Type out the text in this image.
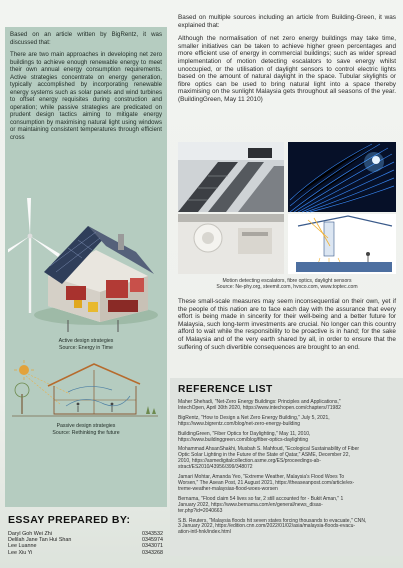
Based on an article written by BigRentz, it was discussed that:

There are two main approaches in developing net zero buildings to achieve enough renewable energy to meet their own annual energy consumption requirements. Active strategies concentrate on energy generation, typically accomplished by incorporating renewable energy systems such as solar panels and wind turbines to offset energy requisites during construction and operation; while passive strategies are predicated on prudent design tactics aiming to mitigate energy consumption by maximising natural light using windows or maintaining consistent temperatures through efficient cross

Active design strategies
Source: Energy in Time
Passive design strategies
Source: Rethinking the future
ESSAY PREPARED BY:
Daryl Goh Wei Zhi
Delilah Jane Tan Hui Shan
Lee Luanne
Lee Xiu Yi
0343532
0345974
0343071
0343268

Based on multiple sources including an article from Building-Green, it was explained that:

Although the normalisation of net zero energy buildings may take time, smaller initiatives can be taken to achieve higher green percentages and more efficient use of energy in commercial buildings; such as wider spread implementation of motion detecting escalators to save energy whilst unoccupied, or the utilisation of daylight sensors to control electric lights based on the amount of natural daylight in the space. Tubular skylights or fibre optics can be used to bring natural light into a space thereby maximising on the sunlight Malaysia gets throughout all seasons of the year. (BuildingGreen, May 11 2010)

Motion detecting escalators, fibre optics, daylight sensors
Source: Ne-phy.org, steemit.com, hvxco.com, www.toptec.com

These small-scale measures may seem inconsequential on their own, yet if the people of this nation are to face each day with the assurance that every effort is being made in sincerity for their well-being and a better future for Malaysia, such long-term investments are crucial. No longer can this country afford to wait while the responsibility to be proactive is in hand; for the sake of Malaysia and of the very earth shared by all, in order to ensure that the suffering of such divertible consequences are brought to an end.

REFERENCE LIST
Maher Shehadi, "Net-Zero Energy Buildings: Principles and Applications,"
IntechOpen, April 30th 2020, https://www.intechopen.com/chapters/71982
BigRentz, "How to Design a Net Zero Energy Building," July 5, 2021,
https://www.bigrentz.com/blog/net-zero-energy-building
BuildingGreen, "Fiber Optics for Daylighting," May 11, 2010,
https://www.buildinggreen.com/blog/fiber-optics-daylighting
Mohammad AhsanShakhi, Musbah S. Mahfoud, "Ecological Sustainability of Fiber
Optic Solar Lighting in the Future of the State of Qatar," ASME, December 22,
2010, https://asmedigitalcollection.asme.org/ES/proceedings-ab-
stract/ES2010/43956/399/348072
Jamari Mohtar, Amanda Yeo, "Extreme Weather, Malaysia's Flood Woes To
Worsen," The Asean Post, 21 August 2021, https://theaseanpost.com/article/ex-
treme-weather-malaysias-flood-woes-worsen
Bernama, "Flood claim 54 lives so far, 2 still accounted for - Bukit Aman," 1
January 2022, https://www.bernama.com/en/general/news_disas-
ter.php?id=2040663
S.B. Reuters, "Malaysia floods hit seven states forcing thousands to evacuate," CNN,
3 January 2022, https://edition.cnn.com/2022/01/02/asia/malaysia-floods-evacu-
ation-intl-hnk/index.html
